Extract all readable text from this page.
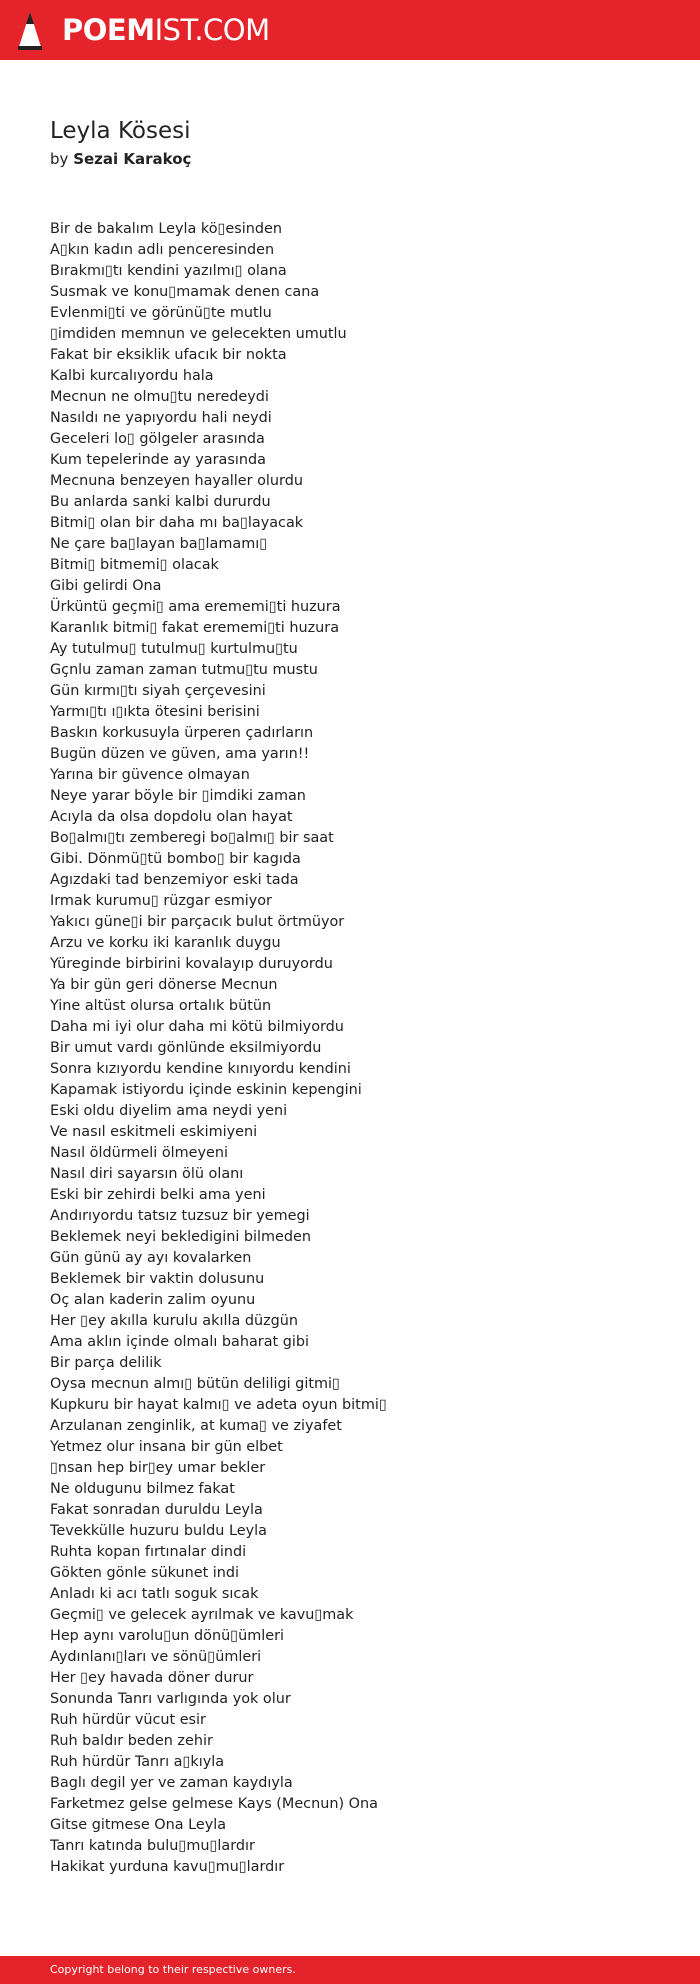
POEMIST.COM
Leyla Kösesi
by Sezai Karakoç
Bir de bakalım Leyla kö▯esinden
A▯kın kadın adlı penceresinden
Bırakmı▯tı kendini yazılmı▯ olana
Susmak ve konu▯mamak denen cana
Evlenmi▯ti ve görünü▯te mutlu
▯imdiden memnun ve gelecekten umutlu
Fakat bir eksiklik ufacık bir nokta
Kalbi kurcalıyordu hala
Mecnun ne olmu▯tu neredeydi
Nasıldı ne yapıyordu hali neydi
Geceleri lo▯ gölgeler arasında
Kum tepelerinde ay yarasında
Mecnuna benzeyen hayaller olurdu
Bu anlarda sanki kalbi dururdu
Bitmi▯ olan bir daha mı ba▯layacak
Ne çare ba▯layan ba▯lamamı▯
Bitmi▯ bitmemi▯ olacak
Gibi gelirdi Ona
Ürküntü geçmi▯ ama erememi▯ti huzura
Karanlık bitmi▯ fakat erememi▯ti huzura
Ay tutulmu▯ tutulmu▯ kurtulmu▯tu
Gçnlu zaman zaman tutmu▯tu mustu
Gün kırmı▯tı siyah çerçevesini
Yarmı▯tı ı▯ıkta ötesini berisini
Baskın korkusuyla ürperen çadırların
Bugün düzen ve güven, ama yarın!!
Yarına bir güvence olmayan
Neye yarar böyle bir ▯imdiki zaman
Acıyla da olsa dopdolu olan hayat
Bo▯almı▯tı zemberegi bo▯almı▯ bir saat
Gibi. Dönmü▯tü bombo▯ bir kagıda
Agızdaki tad benzemiyor eski tada
Irmak kurumu▯ rüzgar esmiyor
Yakıcı güne▯i bir parçacık bulut örtmüyor
Arzu ve korku iki karanlık duygu
Yüreginde birbirini kovalayıp duruyordu
Ya bir gün geri dönerse Mecnun
Yine altüst olursa ortalık bütün
Daha mi iyi olur daha mi kötü bilmiyordu
Bir umut vardı gönlünde eksilmiyordu
Sonra kızıyordu kendine kınıyordu kendini
Kapamak istiyordu içinde eskinin kepengini
Eski oldu diyelim ama neydi yeni
Ve nasıl eskitmeli eskimiyeni
Nasıl öldürmeli ölmeyeni
Nasıl diri sayarsın ölü olanı
Eski bir zehirdi belki ama yeni
Andırıyordu tatsız tuzsuz bir yemegi
Beklemek neyi bekledigini bilmeden
Gün günü ay ayı kovalarken
Beklemek bir vaktin dolusunu
Oç alan kaderin zalim oyunu
Her ▯ey akılla kurulu akılla düzgün
Ama aklın içinde olmalı baharat gibi
Bir parça delilik
Oysa mecnun almı▯ bütün deliligi gitmi▯
Kupkuru bir hayat kalmı▯ ve adeta oyun bitmi▯
Arzulanan zenginlik, at kuma▯ ve ziyafet
Yetmez olur insana bir gün elbet
▯nsan hep bir▯ey umar bekler
Ne oldugunu bilmez fakat
Fakat sonradan duruldu Leyla
Tevekkülle huzuru buldu Leyla
Ruhta kopan fırtınalar dindi
Gökten gönle sükunet indi
Anladı ki acı tatlı soguk sıcak
Geçmi▯ ve gelecek ayrılmak ve kavu▯mak
Hep aynı varolu▯un dönü▯ümleri
Aydınlanı▯ları ve sönü▯ümleri
Her ▯ey havada döner durur
Sonunda Tanrı varlıgında yok olur
Ruh hürdür vücut esir
Ruh baldır beden zehir
Ruh hürdür Tanrı a▯kıyla
Baglı degil yer ve zaman kaydıyla
Farketmez gelse gelmese Kays (Mecnun) Ona
Gitse gitmese Ona Leyla
Tanrı katında bulu▯mu▯lardır
Hakikat yurduna kavu▯mu▯lardır
Copyright belong to their respective owners.
